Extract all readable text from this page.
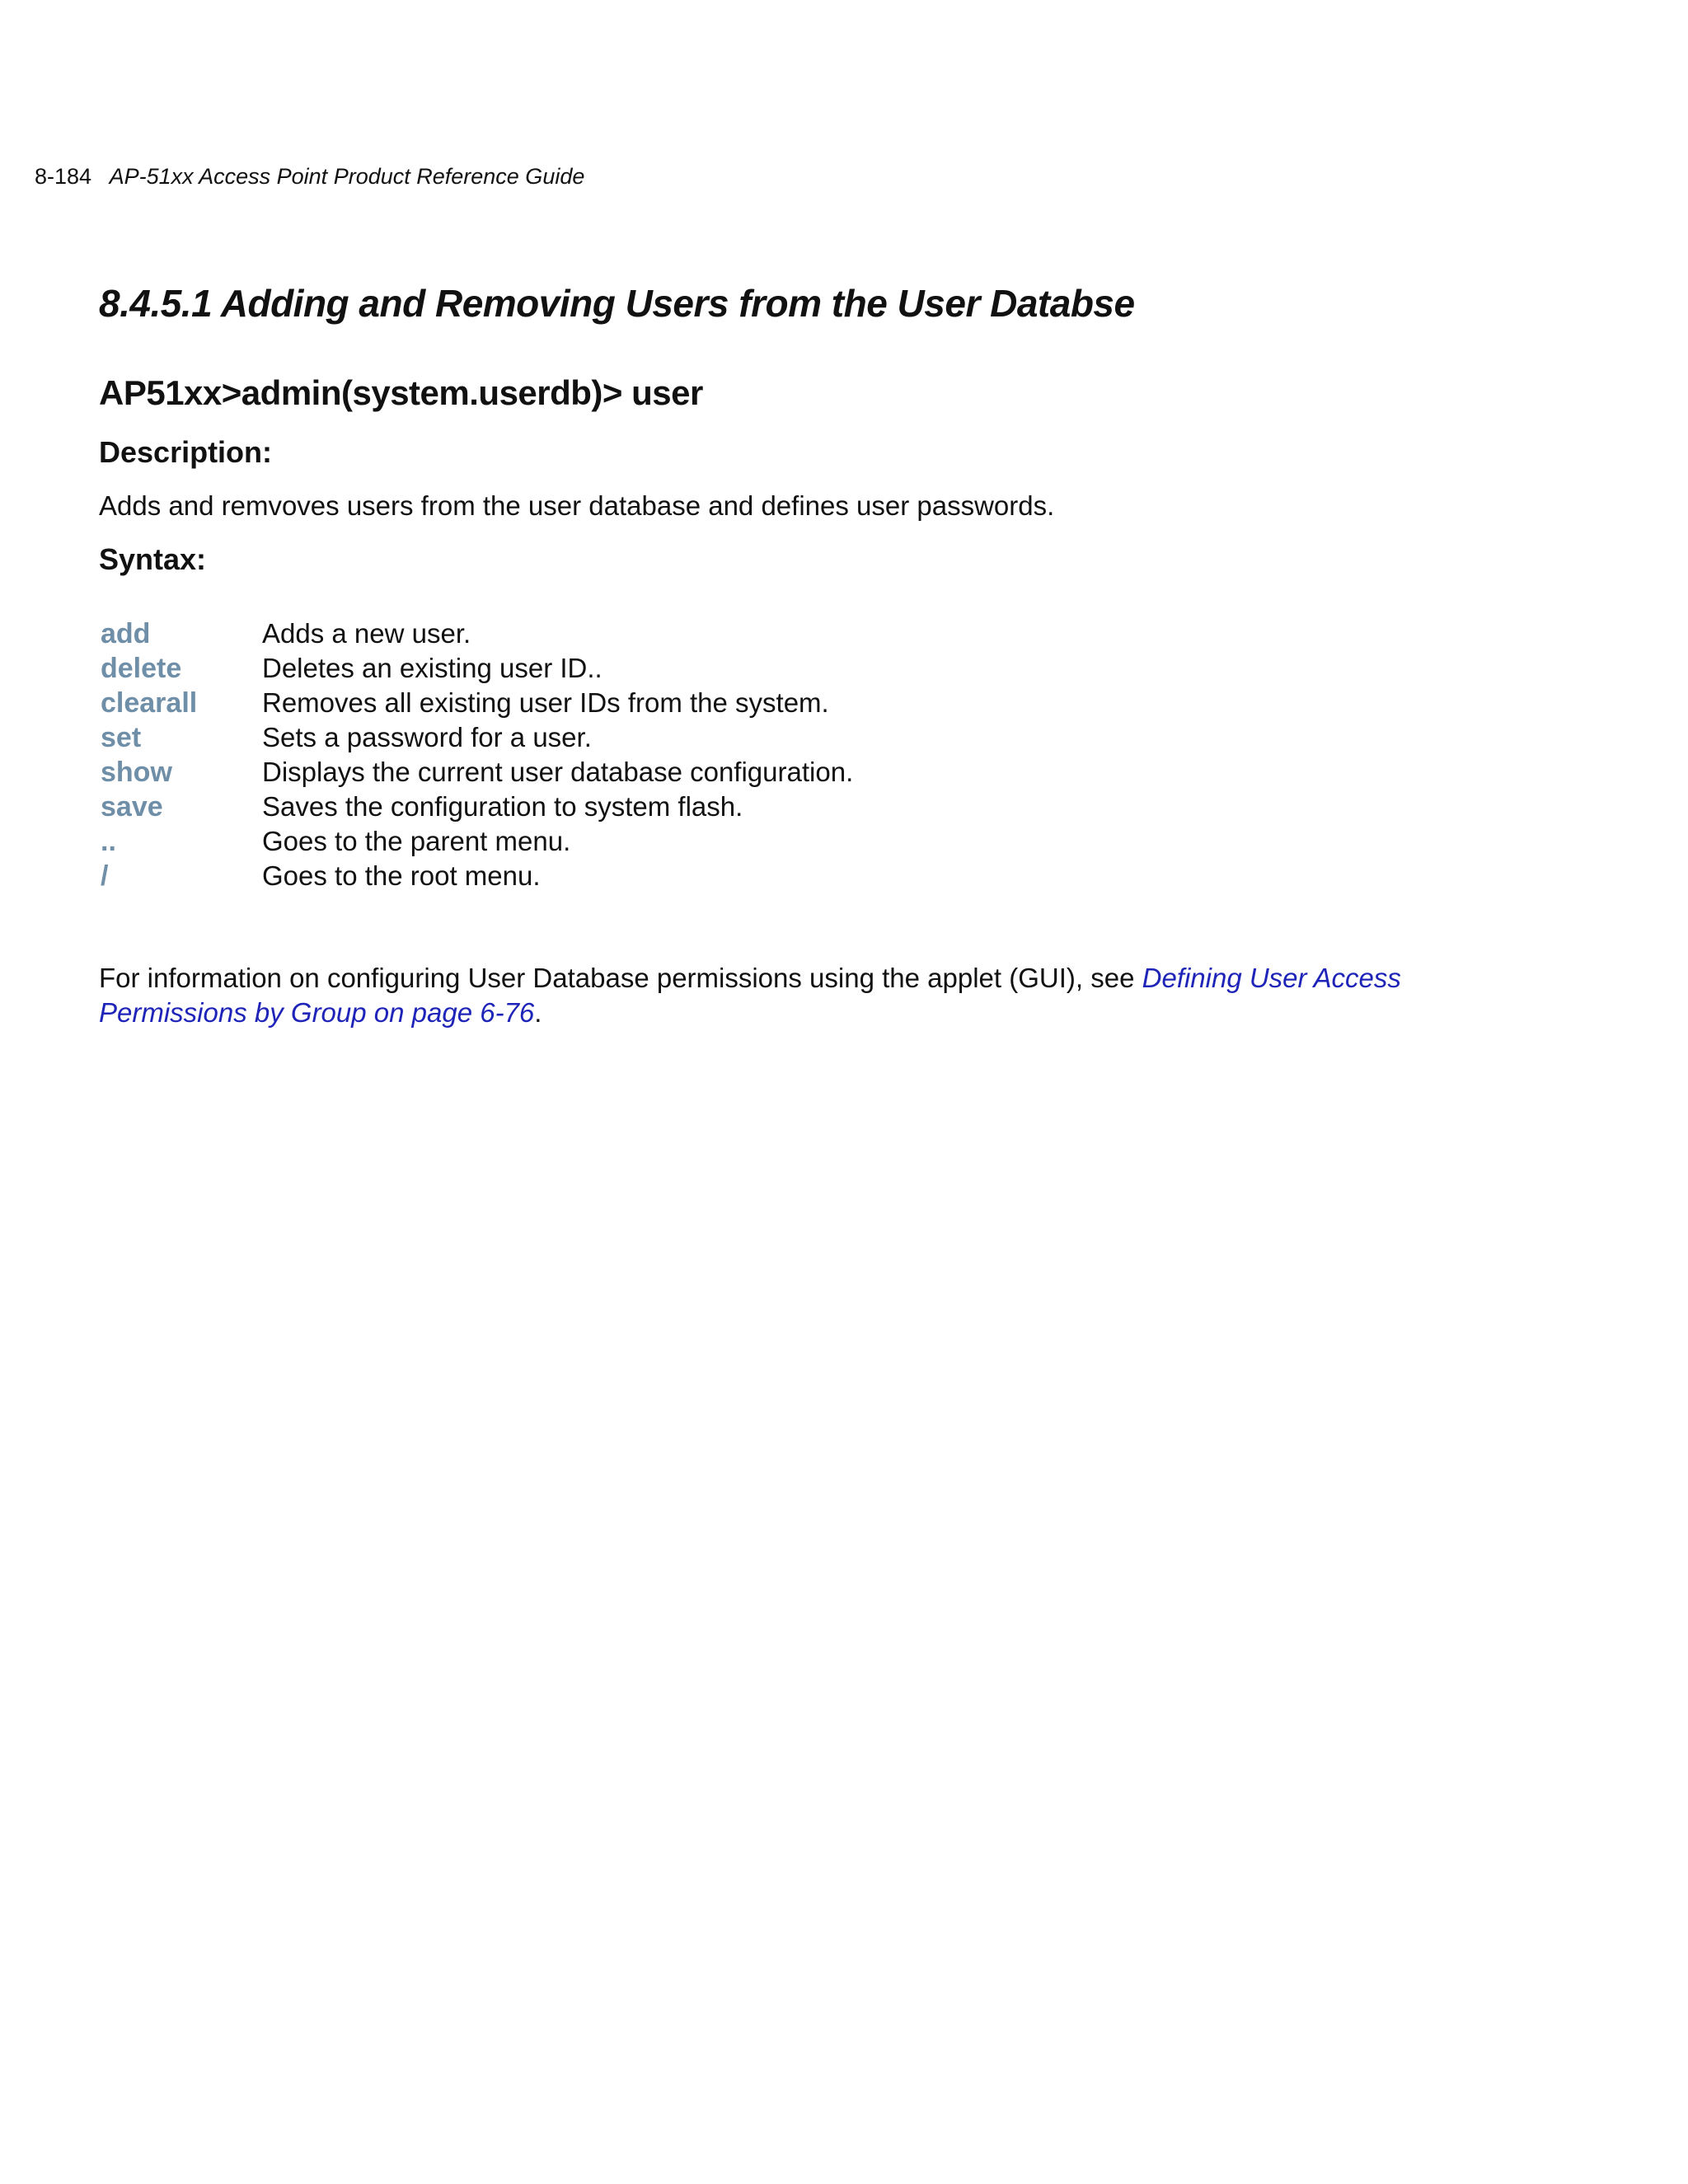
8-184 AP-51xx Access Point Product Reference Guide
8.4.5.1 Adding and Removing Users from the User Databse
AP51xx>admin(system.userdb)> user
Description:

Adds and remvoves users from the user database and defines user passwords.

Syntax:
add	Adds a new user.
delete	Deletes an existing user ID..
clearall	Removes all existing user IDs from the system.
set	Sets a password for a user.
show	Displays the current user database configuration.
save	Saves the configuration to system flash.
..	Goes to the parent menu.
/	Goes to the root menu.

For information on configuring User Database permissions using the applet (GUI), see Defining User Access Permissions by Group on page 6-76.
